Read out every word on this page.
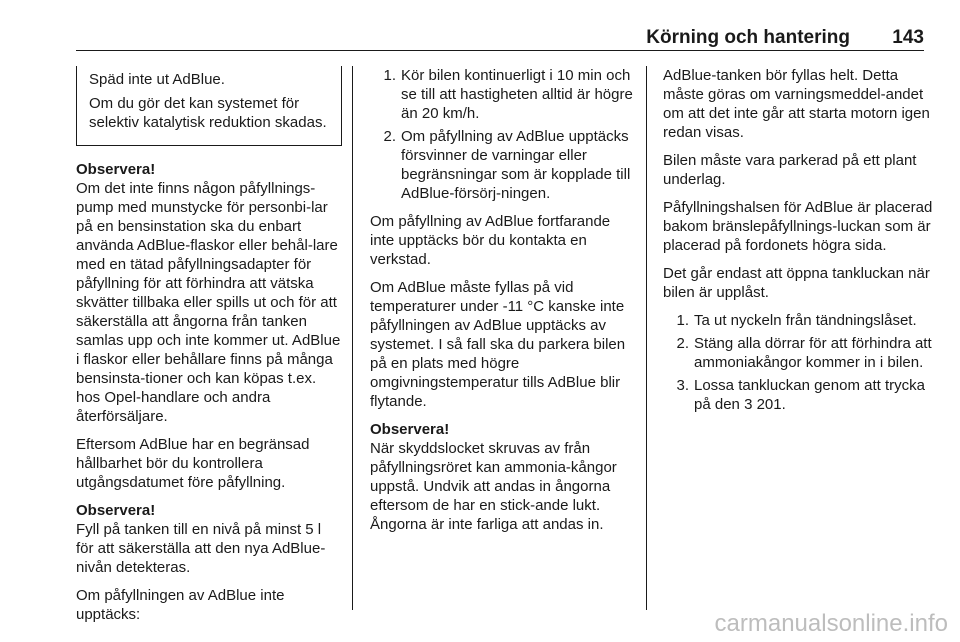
Körning och hantering 143

Späd inte ut AdBlue.

Om du gör det kan systemet för selektiv katalytisk reduktion skadas.

Observera!

Om det inte finns någon påfyllnings-pump med munstycke för personbi-lar på en bensinstation ska du enbart använda AdBlue-flaskor eller behål-lare med en tätad påfyllningsadapter för påfyllning för att förhindra att vätska skvätter tillbaka eller spills ut och för att säkerställa att ångorna från tanken samlas upp och inte kommer ut. AdBlue i flaskor eller behållare finns på många bensinsta-tioner och kan köpas t.ex. hos Opel-handlare och andra återförsäljare.

Eftersom AdBlue har en begränsad hållbarhet bör du kontrollera utgångsdatumet före påfyllning.

Observera!

Fyll på tanken till en nivå på minst 5 l för att säkerställa att den nya AdBlue-nivån detekteras.

Om påfyllningen av AdBlue inte upptäcks:

1. Kör bilen kontinuerligt i 10 min och se till att hastigheten alltid är högre än 20 km/h.
2. Om påfyllning av AdBlue upptäcks försvinner de varningar eller begränsningar som är kopplade till AdBlue-försörj-ningen.

Om påfyllning av AdBlue fortfarande inte upptäcks bör du kontakta en verkstad.

Om AdBlue måste fyllas på vid temperaturer under -11 °C kanske inte påfyllningen av AdBlue upptäcks av systemet. I så fall ska du parkera bilen på en plats med högre omgivningstemperatur tills AdBlue blir flytande.

Observera!

När skyddslocket skruvas av från påfyllningsröret kan ammonia-kångor uppstå. Undvik att andas in ångorna eftersom de har en stick-ande lukt. Ångorna är inte farliga att andas in.

AdBlue-tanken bör fyllas helt. Detta måste göras om varningsmeddel-andet om att det inte går att starta motorn igen redan visas.

Bilen måste vara parkerad på ett plant underlag.

Påfyllningshalsen för AdBlue är placerad bakom bränslepåfyllnings-luckan som är placerad på fordonets högra sida.

Det går endast att öppna tankluckan när bilen är upplåst.

1. Ta ut nyckeln från tändningslåset.
2. Stäng alla dörrar för att förhindra att ammoniakångor kommer in i bilen.
3. Lossa tankluckan genom att trycka på den 3 201.
carmanualsonline.info
